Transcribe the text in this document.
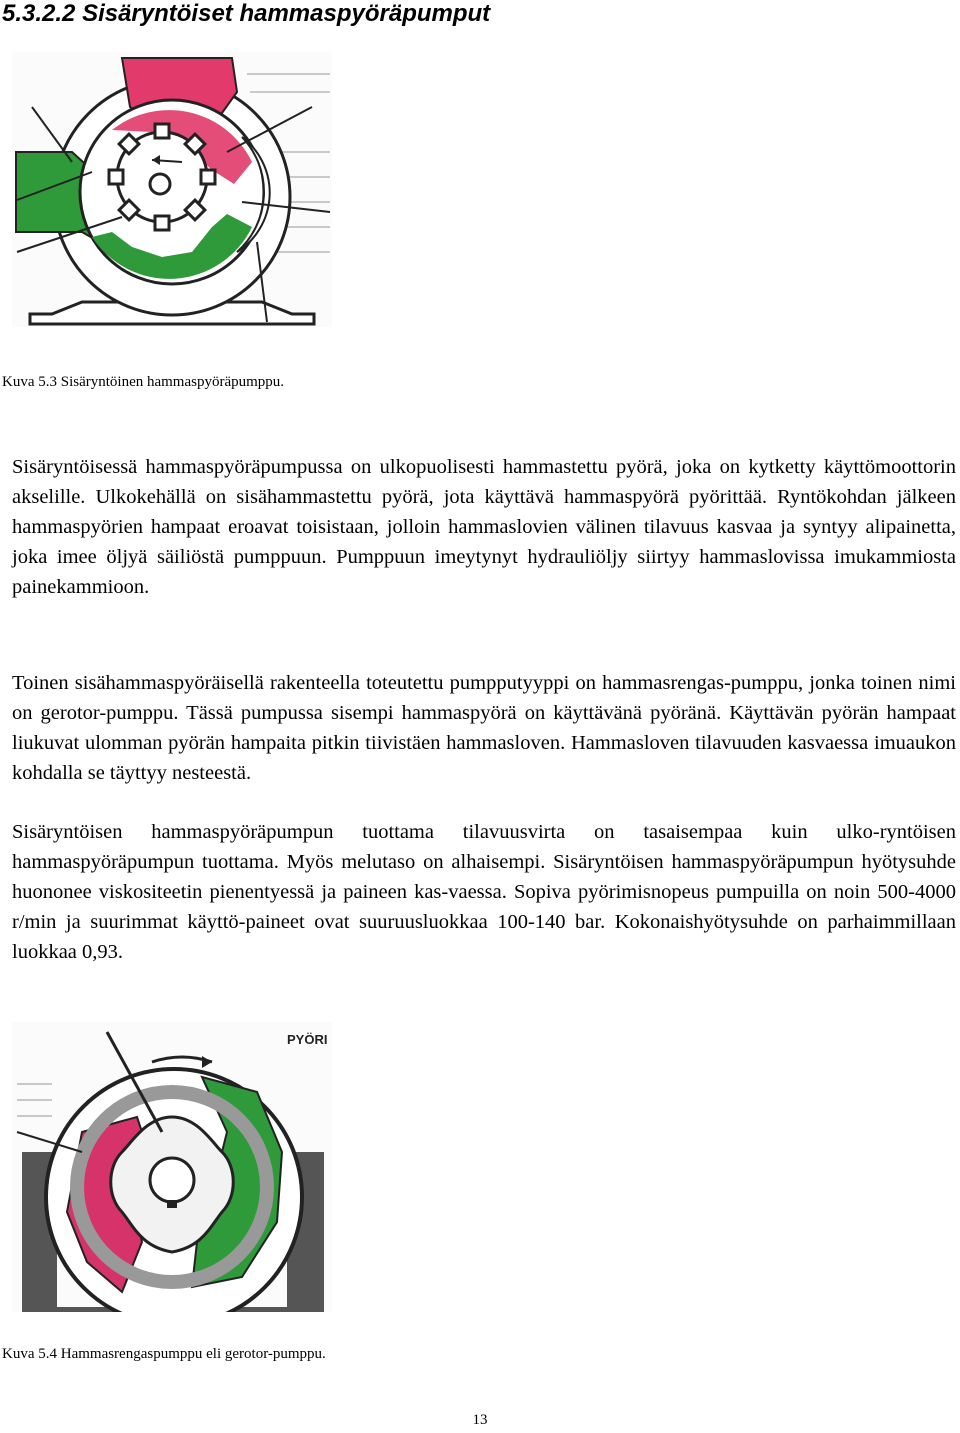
5.3.2.2 Sisäryntöiset hammaspyöräpumput

Kuva 5.3 Sisäryntöinen hammaspyöräpumppu.

Sisäryntöisessä hammaspyöräpumpussa on ulkopuolisesti hammastettu pyörä, joka on kytketty käyttömoottorin akselille. Ulkokehällä on sisähammastettu pyörä, jota käyttävä hammaspyörä pyörittää. Ryntökohdan jälkeen hammaspyörien hampaat eroavat toisistaan, jolloin hammaslovien välinen tilavuus kasvaa ja syntyy alipainetta, joka imee öljyä säiliöstä pumppuun. Pumppuun imeytynyt hydrauliöljy siirtyy hammaslovissa imukammiosta painekammioon.

Toinen sisähammaspyöräisellä rakenteella toteutettu pumpputyyppi on hammasrengas-pumppu, jonka toinen nimi on gerotor-pumppu. Tässä pumpussa sisempi hammaspyörä on käyttävänä pyöränä. Käyttävän pyörän hampaat liukuvat ulomman pyörän hampaita pitkin tiivistäen hammasloven. Hammasloven tilavuuden kasvaessa imuaukon kohdalla se täyttyy nesteestä.

Sisäryntöisen hammaspyöräpumpun tuottama tilavuusvirta on tasaisempaa kuin ulko-ryntöisen hammaspyöräpumpun tuottama. Myös melutaso on alhaisempi. Sisäryntöisen hammaspyöräpumpun hyötysuhde huononee viskositeetin pienentyessä ja paineen kas-vaessa. Sopiva pyörimisnopeus pumpuilla on noin 500-4000 r/min ja suurimmat käyttö-paineet ovat suuruusluokkaa 100-140 bar. Kokonaishyötysuhde on parhaimmillaan luokkaa 0,93.

PYÖRI

Kuva 5.4 Hammasrengaspumppu eli gerotor-pumppu.

13
